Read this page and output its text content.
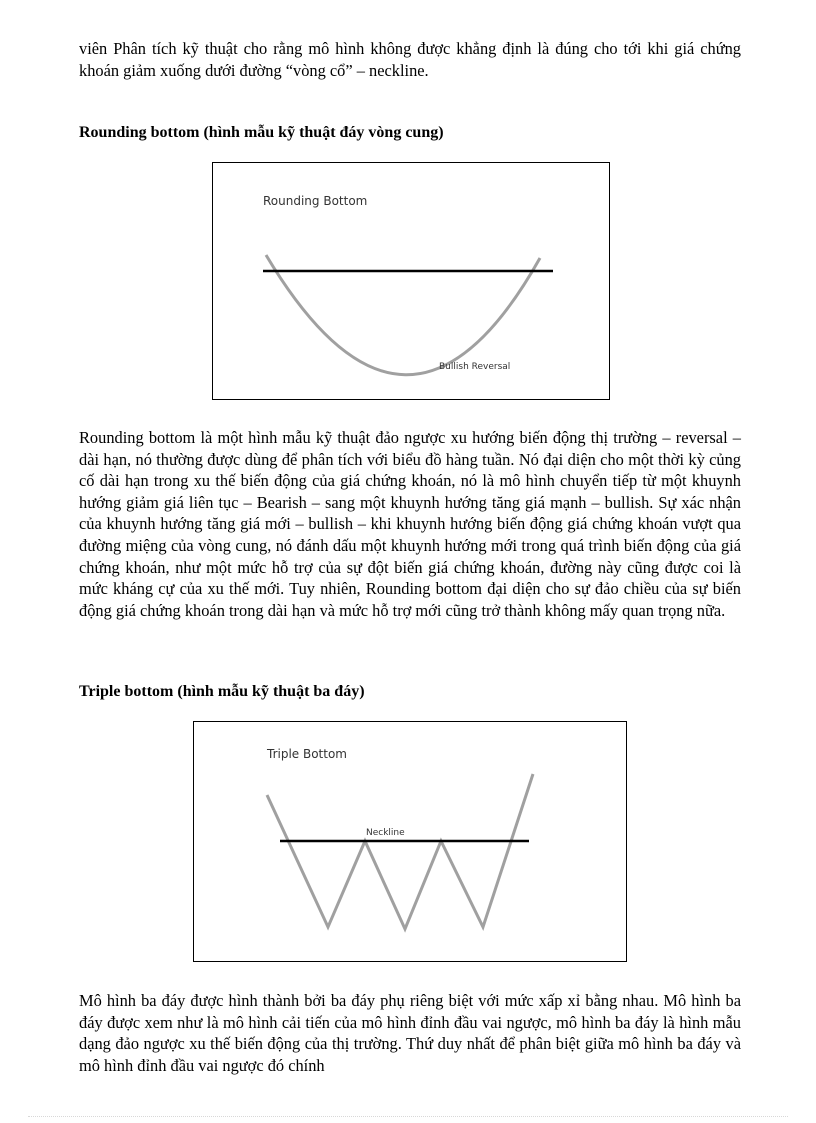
viên Phân tích kỹ thuật cho rằng mô hình không được khẳng định là đúng cho tới khi giá chứng khoán giảm xuống dưới đường “vòng cổ” – neckline.

Rounding bottom (hình mẫu kỹ thuật đáy vòng cung)
Rounding Bottom
Bullish Reversal

Rounding bottom là một hình mẫu kỹ thuật đảo ngược xu hướng biến động thị trường – reversal – dài hạn, nó thường được dùng để phân tích với biểu đồ hàng tuần. Nó đại diện cho một thời kỳ củng cố dài hạn trong xu thế biến động của giá chứng khoán, nó là mô hình chuyển tiếp từ một khuynh hướng giảm giá liên tục – Bearish – sang một khuynh hướng tăng giá mạnh – bullish. Sự xác nhận của khuynh hướng tăng giá mới – bullish – khi khuynh hướng biến động giá chứng khoán vượt qua đường miệng của vòng cung, nó đánh dấu một khuynh hướng mới trong quá trình biến động của giá chứng khoán, như một mức hỗ trợ của sự đột biến giá chứng khoán, đường này cũng được coi là mức kháng cự của xu thế mới. Tuy nhiên, Rounding bottom đại diện cho sự đảo chiều của sự biến động giá chứng khoán trong dài hạn và mức hỗ trợ mới cũng trở thành không mấy quan trọng nữa.

Triple bottom (hình mẫu kỹ thuật ba đáy)
Triple Bottom
Neckline

Mô hình ba đáy được hình thành bởi ba đáy phụ riêng biệt với mức xấp xỉ bằng nhau. Mô hình ba đáy được xem như là mô hình cải tiến của mô hình đỉnh đầu vai ngược, mô hình ba đáy là hình mẫu dạng đảo ngược xu thế biến động của thị trường. Thứ duy nhất để phân biệt giữa mô hình ba đáy và mô hình đỉnh đầu vai ngược đó chính
